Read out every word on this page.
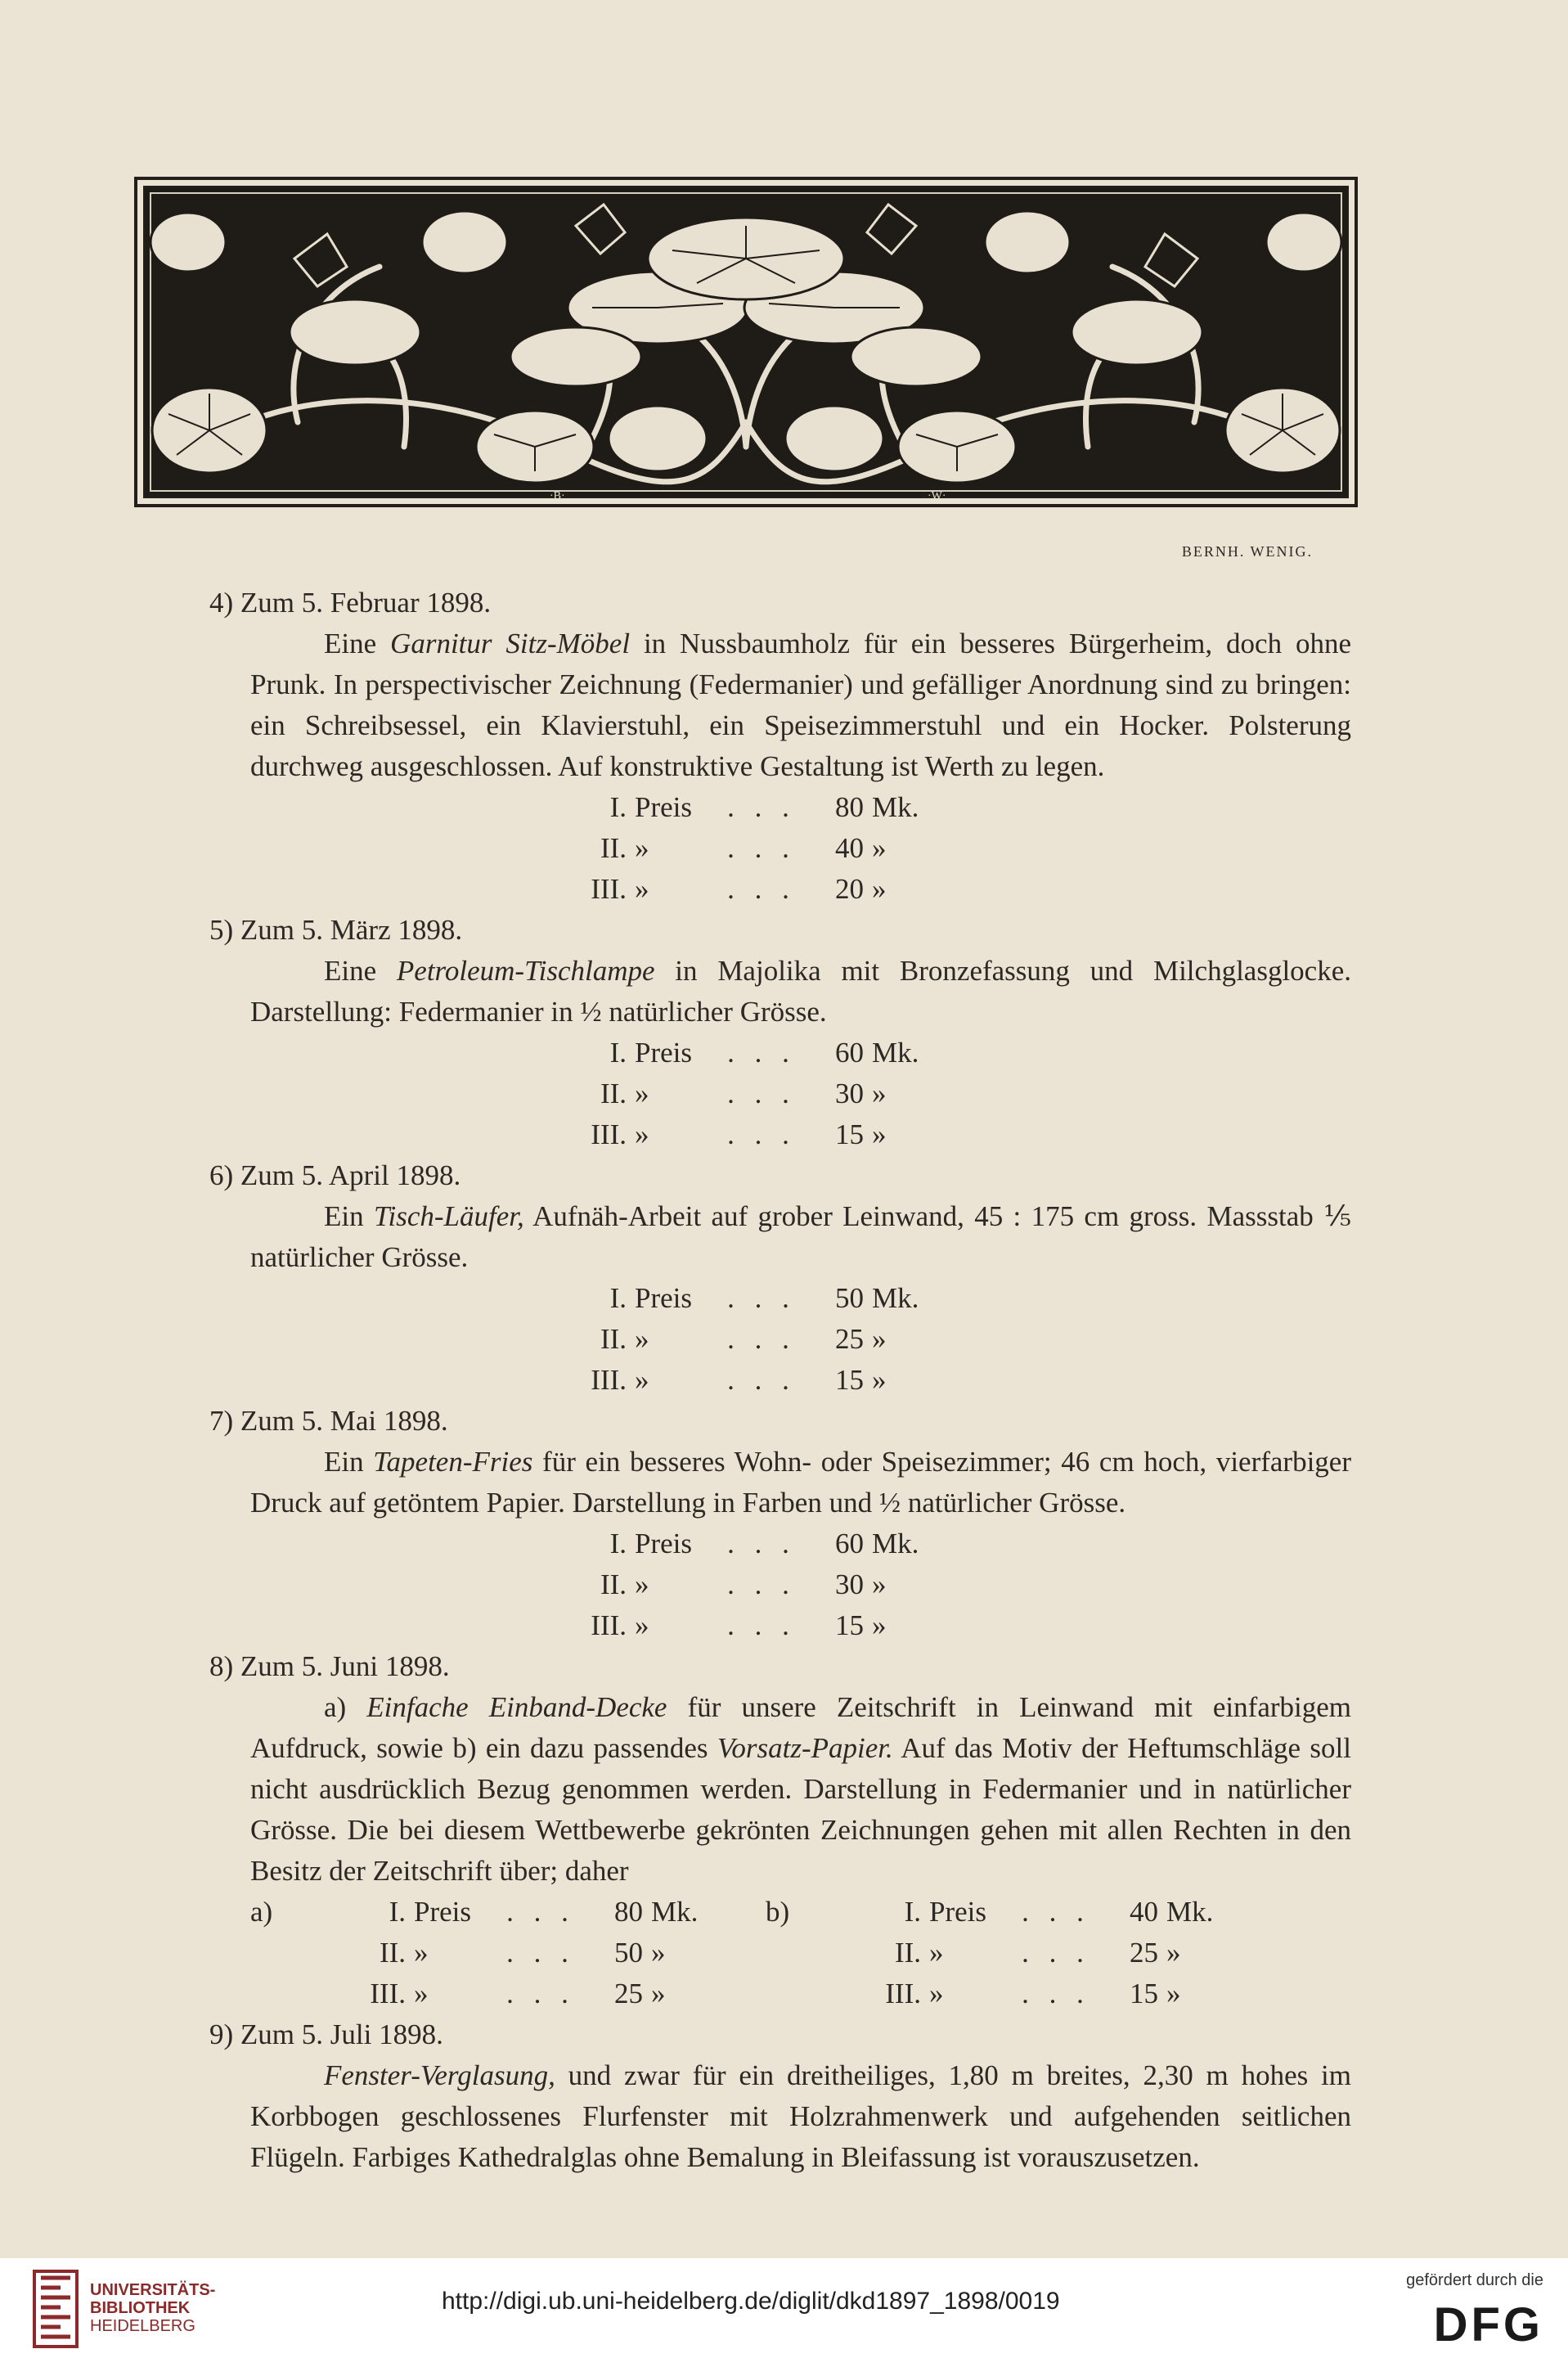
·B·	·W·
BERNH. WENIG.
4) Zum 5. Februar 1898.

Eine Garnitur Sitz-Möbel in Nussbaumholz für ein besseres Bürgerheim, doch ohne Prunk. In perspectivischer Zeichnung (Federmanier) und gefälliger Anordnung sind zu bringen: ein Schreibsessel, ein Klavierstuhl, ein Speisezimmerstuhl und ein Hocker. Polsterung durchweg ausgeschlossen. Auf konstruktive Gestaltung ist Werth zu legen.

I. Preis	. . .	80 Mk.
II. »	. . .	40 »
III. »	. . .	20 »
5) Zum 5. März 1898.

Eine Petroleum-Tischlampe in Majolika mit Bronzefassung und Milchglasglocke. Darstellung: Federmanier in ½ natürlicher Grösse.

I. Preis	. . .	60 Mk.
II. »	. . .	30 »
III. »	. . .	15 »
6) Zum 5. April 1898.

Ein Tisch-Läufer, Aufnäh-Arbeit auf grober Leinwand, 45 : 175 cm gross. Massstab ⅕ natürlicher Grösse.

I. Preis	. . .	50 Mk.
II. »	. . .	25 »
III. »	. . .	15 »
7) Zum 5. Mai 1898.

Ein Tapeten-Fries für ein besseres Wohn- oder Speisezimmer; 46 cm hoch, vierfarbiger Druck auf getöntem Papier. Darstellung in Farben und ½ natürlicher Grösse.

I. Preis	. . .	60 Mk.
II. »	. . .	30 »
III. »	. . .	15 »
8) Zum 5. Juni 1898.

a) Einfache Einband-Decke für unsere Zeitschrift in Leinwand mit einfarbigem Aufdruck, sowie b) ein dazu passendes Vorsatz-Papier. Auf das Motiv der Heftumschläge soll nicht ausdrücklich Bezug genommen werden. Darstellung in Federmanier und in natürlicher Grösse. Die bei diesem Wettbewerbe gekrönten Zeichnungen gehen mit allen Rechten in den Besitz der Zeitschrift über; daher

a)	I. Preis	. . .	80 Mk.
II. »	. . .	50 »
III. »	. . .	25 »
b)	I. Preis	. . .	40 Mk.
II. »	. . .	25 »
III. »	. . .	15 »
9) Zum 5. Juli 1898.

Fenster-Verglasung, und zwar für ein dreitheiliges, 1,80 m breites, 2,30 m hohes im Korbbogen geschlossenes Flurfenster mit Holzrahmenwerk und aufgehenden seitlichen Flügeln. Farbiges Kathedralglas ohne Bemalung in Bleifassung ist vorauszusetzen.

UNIVERSITÄTS-
BIBLIOTHEK
HEIDELBERG
http://digi.ub.uni-heidelberg.de/diglit/dkd1897_1898/0019
gefördert durch die
DFG
